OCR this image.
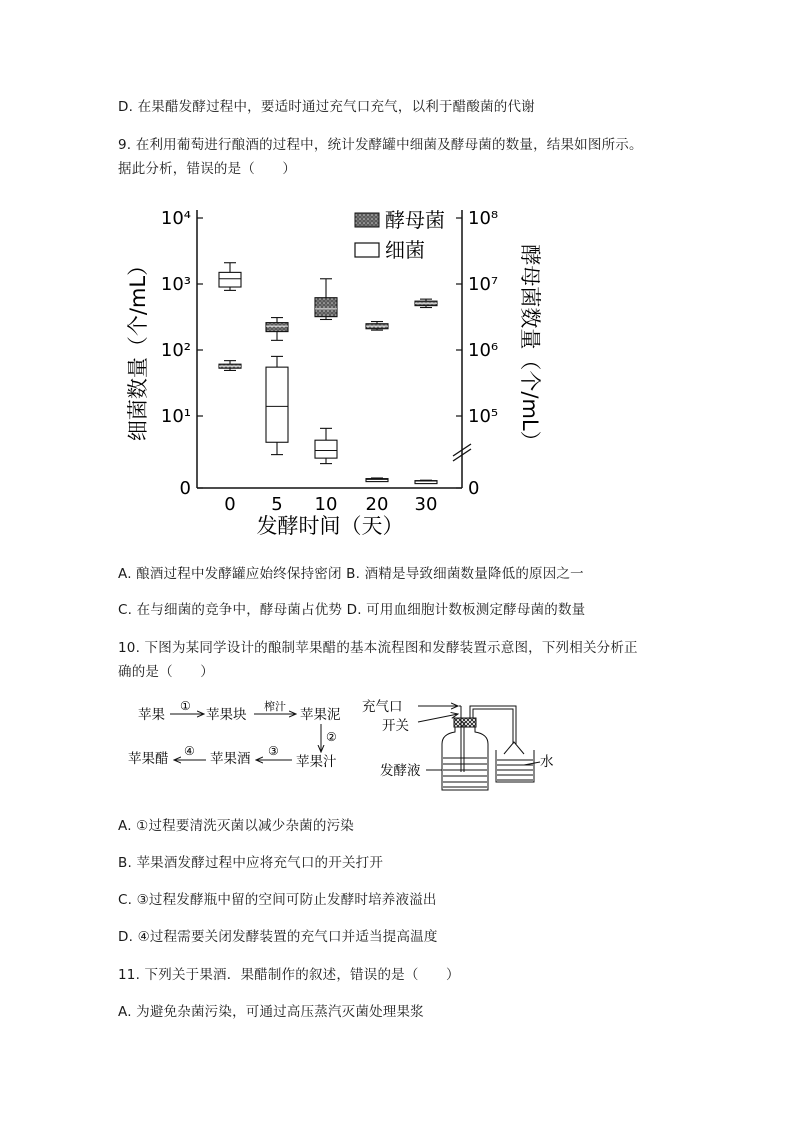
D. 在果醋发酵过程中，要适时通过充气口充气，以利于醋酸菌的代谢
9. 在利用葡萄进行酿酒的过程中，统计发酵罐中细菌及酵母菌的数量，结果如图所示。
据此分析，错误的是（　　）
0
10¹
10²
10³
10⁴
0
10⁵
10⁶
10⁷
10⁸
0 5 10 20 30
细菌数量（个/mL）	酵母菌数量（个/mL）
发酵时间（天）
酵母菌
细菌
A. 酿酒过程中发酵罐应始终保持密闭 B. 酒精是导致细菌数量降低的原因之一
C. 在与细菌的竞争中，酵母菌占优势 D. 可用血细胞计数板测定酵母菌的数量
10. 下图为某同学设计的酿制苹果醋的基本流程图和发酵装置示意图，下列相关分析正
确的是（　　）
苹果	苹果块	苹果泥
苹果汁
苹果酒
苹果醋
①	榨汁
②
③
④
充气口
开关
发酵液
水
A. ①过程要清洗灭菌以减少杂菌的污染
B. 苹果酒发酵过程中应将充气口的开关打开
C. ③过程发酵瓶中留的空间可防止发酵时培养液溢出
D. ④过程需要关闭发酵装置的充气口并适当提高温度
11. 下列关于果酒．果醋制作的叙述，错误的是（　　）
A. 为避免杂菌污染，可通过高压蒸汽灭菌处理果浆
